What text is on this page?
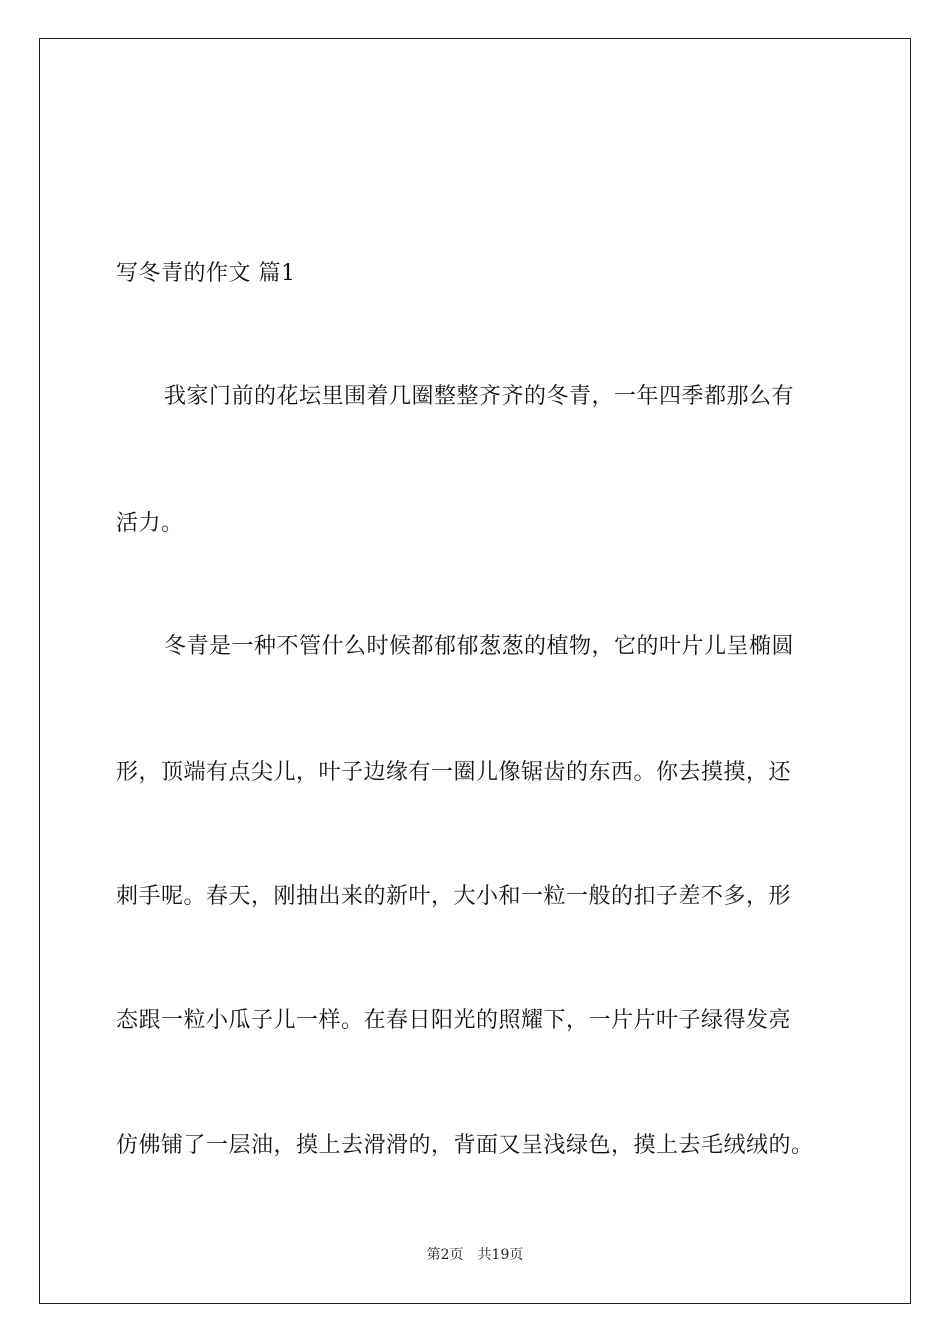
写冬青的作文 篇1
我家门前的花坛里围着几圈整整齐齐的冬青，一年四季都那么有
活力。
冬青是一种不管什么时候都郁郁葱葱的植物，它的叶片儿呈椭圆
形，顶端有点尖儿，叶子边缘有一圈儿像锯齿的东西。你去摸摸，还
刺手呢。春天，刚抽出来的新叶，大小和一粒一般的扣子差不多，形
态跟一粒小瓜子儿一样。在春日阳光的照耀下，一片片叶子绿得发亮
仿佛铺了一层油，摸上去滑滑的，背面又呈浅绿色，摸上去毛绒绒的。
第2页　共19页
